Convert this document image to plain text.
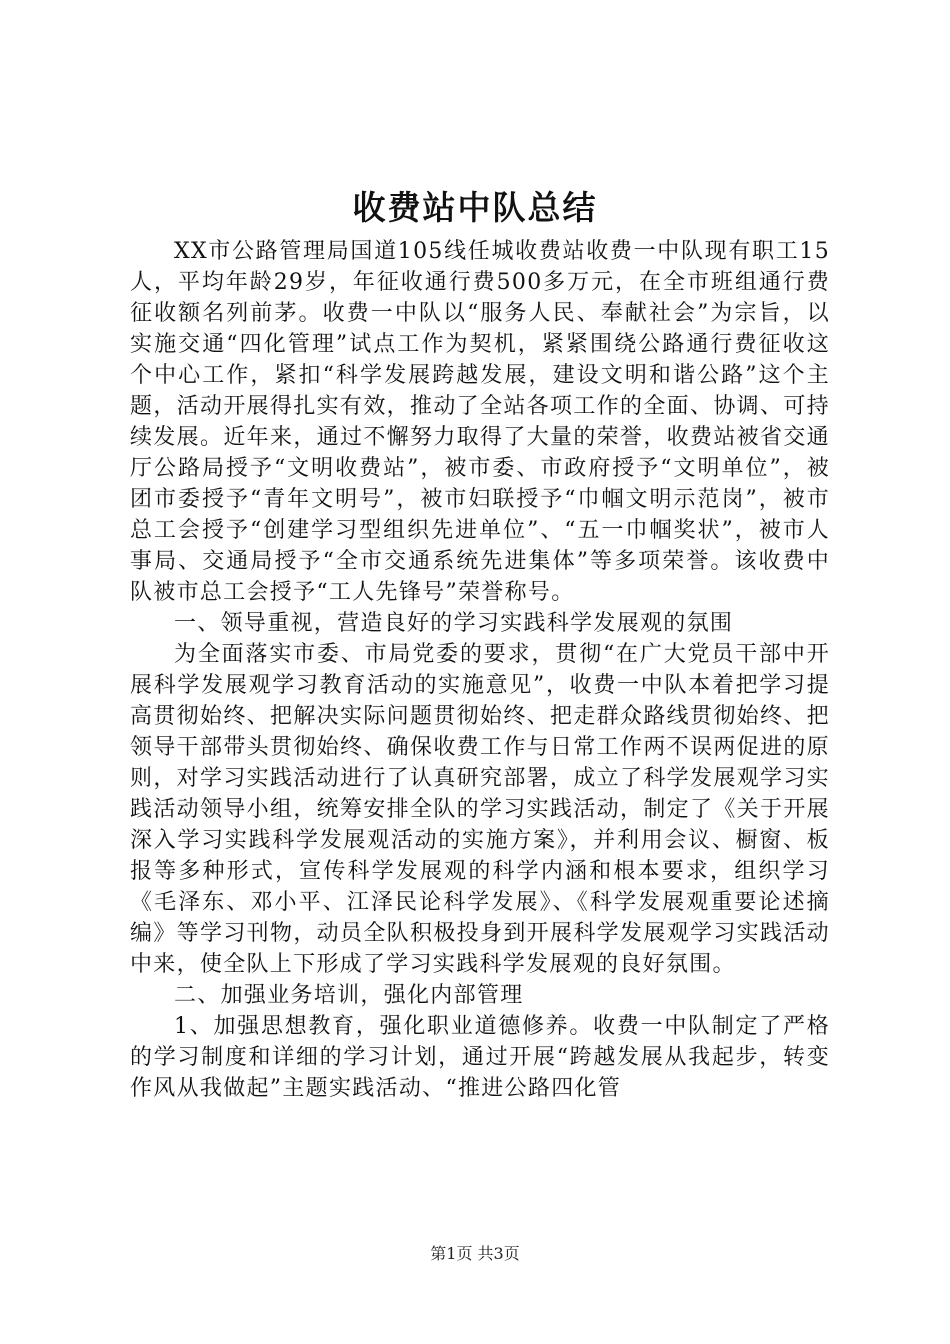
收费站中队总结

XX市公路管理局国道105线任城收费站收费一中队现有职工15人，平均年龄29岁，年征收通行费500多万元，在全市班组通行费征收额名列前茅。收费一中队以“服务人民、奉献社会”为宗旨，以实施交通“四化管理”试点工作为契机，紧紧围绕公路通行费征收这个中心工作，紧扣“科学发展跨越发展，建设文明和谐公路”这个主题，活动开展得扎实有效，推动了全站各项工作的全面、协调、可持续发展。近年来，通过不懈努力取得了大量的荣誉，收费站被省交通厅公路局授予“文明收费站”，被市委、市政府授予“文明单位”，被团市委授予“青年文明号”，被市妇联授予“巾帼文明示范岗”，被市总工会授予“创建学习型组织先进单位”、“五一巾帼奖状”，被市人事局、交通局授予“全市交通系统先进集体”等多项荣誉。该收费中队被市总工会授予“工人先锋号”荣誉称号。

一、领导重视，营造良好的学习实践科学发展观的氛围

为全面落实市委、市局党委的要求，贯彻“在广大党员干部中开展科学发展观学习教育活动的实施意见”，收费一中队本着把学习提高贯彻始终、把解决实际问题贯彻始终、把走群众路线贯彻始终、把领导干部带头贯彻始终、确保收费工作与日常工作两不误两促进的原则，对学习实践活动进行了认真研究部署，成立了科学发展观学习实践活动领导小组，统筹安排全队的学习实践活动，制定了《关于开展深入学习实践科学发展观活动的实施方案》，并利用会议、橱窗、板报等多种形式，宣传科学发展观的科学内涵和根本要求，组织学习《毛泽东、邓小平、江泽民论科学发展》、《科学发展观重要论述摘编》等学习刊物，动员全队积极投身到开展科学发展观学习实践活动中来，使全队上下形成了学习实践科学发展观的良好氛围。

二、加强业务培训，强化内部管理

1、加强思想教育，强化职业道德修养。收费一中队制定了严格的学习制度和详细的学习计划，通过开展“跨越发展从我起步，转变作风从我做起”主题实践活动、“推进公路四化管

第1页 共3页
